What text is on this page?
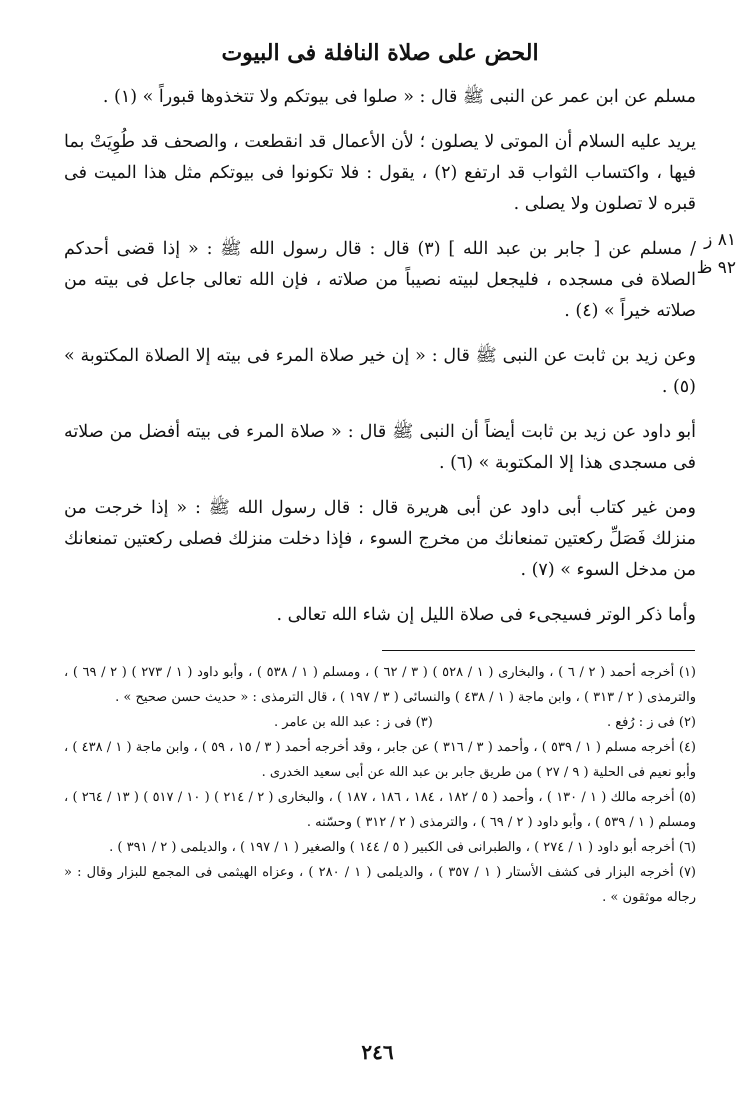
الحض على صلاة النافلة فى البيوت
٨١ ز
٩٢ ظ

مسلم عن ابن عمر عن النبى ﷺ قال : « صلوا فى بيوتكم ولا تتخذوها قبوراً » (١) .

يريد عليه السلام أن الموتى لا يصلون ؛ لأن الأعمال قد انقطعت ، والصحف قد طُوِيَتْ بما فيها ، واكتساب الثواب قد ارتفع (٢) ، يقول : فلا تكونوا فى بيوتكم مثل هذا الميت فى قبره لا تصلون ولا يصلى .

/ مسلم عن [ جابر بن عبد الله ] (٣) قال : قال رسول الله ﷺ : « إذا قضى أحدكم الصلاة فى مسجده ، فليجعل لبيته نصيباً من صلاته ، فإن الله تعالى جاعل فى بيته من صلاته خيراً » (٤) .

وعن زيد بن ثابت عن النبى ﷺ قال : « إن خير صلاة المرء فى بيته إلا الصلاة المكتوبة » (٥) .

أبو داود عن زيد بن ثابت أيضاً أن النبى ﷺ قال : « صلاة المرء فى بيته أفضل من صلاته فى مسجدى هذا إلا المكتوبة » (٦) .

ومن غير كتاب أبى داود عن أبى هريرة قال : قال رسول الله ﷺ : « إذا خرجت من منزلك فَصَلِّ ركعتين تمنعانك من مخرج السوء ، فإذا دخلت منزلك فصلى ركعتين تمنعانك من مدخل السوء » (٧) .

وأما ذكر الوتر فسيجىء فى صلاة الليل إن شاء الله تعالى .

(١) أخرجه أحمد ( ٢ / ٦ ) ، والبخارى ( ١ / ٥٢٨ ) ( ٣ / ٦٢ ) ، ومسلم ( ١ / ٥٣٨ ) ، وأبو داود ( ١ / ٢٧٣ ) ( ٢ / ٦٩ ) ، والترمذى ( ٢ / ٣١٣ ) ، وابن ماجة ( ١ / ٤٣٨ ) والنسائى ( ٣ / ١٩٧ ) ، قال الترمذى : « حديث حسن صحيح » .

(٢) فى ز : رُفع .
(٣) فى ز : عبد الله بن عامر .

(٤) أخرجه مسلم ( ١ / ٥٣٩ ) ، وأحمد ( ٣ / ٣١٦ ) عن جابر ، وقد أخرجه أحمد ( ٣ / ١٥ ، ٥٩ ) ، وابن ماجة ( ١ / ٤٣٨ ) ، وأبو نعيم فى الحلية ( ٩ / ٢٧ ) من طريق جابر بن عبد الله عن أبى سعيد الخدرى .

(٥) أخرجه مالك ( ١ / ١٣٠ ) ، وأحمد ( ٥ / ١٨٢ ، ١٨٤ ، ١٨٦ ، ١٨٧ ) ، والبخارى ( ٢ / ٢١٤ ) ( ١٠ / ٥١٧ ) ( ١٣ / ٢٦٤ ) ، ومسلم ( ١ / ٥٣٩ ) ، وأبو داود ( ٢ / ٦٩ ) ، والترمذى ( ٢ / ٣١٢ ) وحسّنه .

(٦) أخرجه أبو داود ( ١ / ٢٧٤ ) ، والطبرانى فى الكبير ( ٥ / ١٤٤ ) والصغير ( ١ / ١٩٧ ) ، والديلمى ( ٢ / ٣٩١ ) .

(٧) أخرجه البزار فى كشف الأستار ( ١ / ٣٥٧ ) ، والديلمى ( ١ / ٢٨٠ ) ، وعزاه الهيثمى فى المجمع للبزار وقال : « رجاله موثقون » .

٢٤٦
